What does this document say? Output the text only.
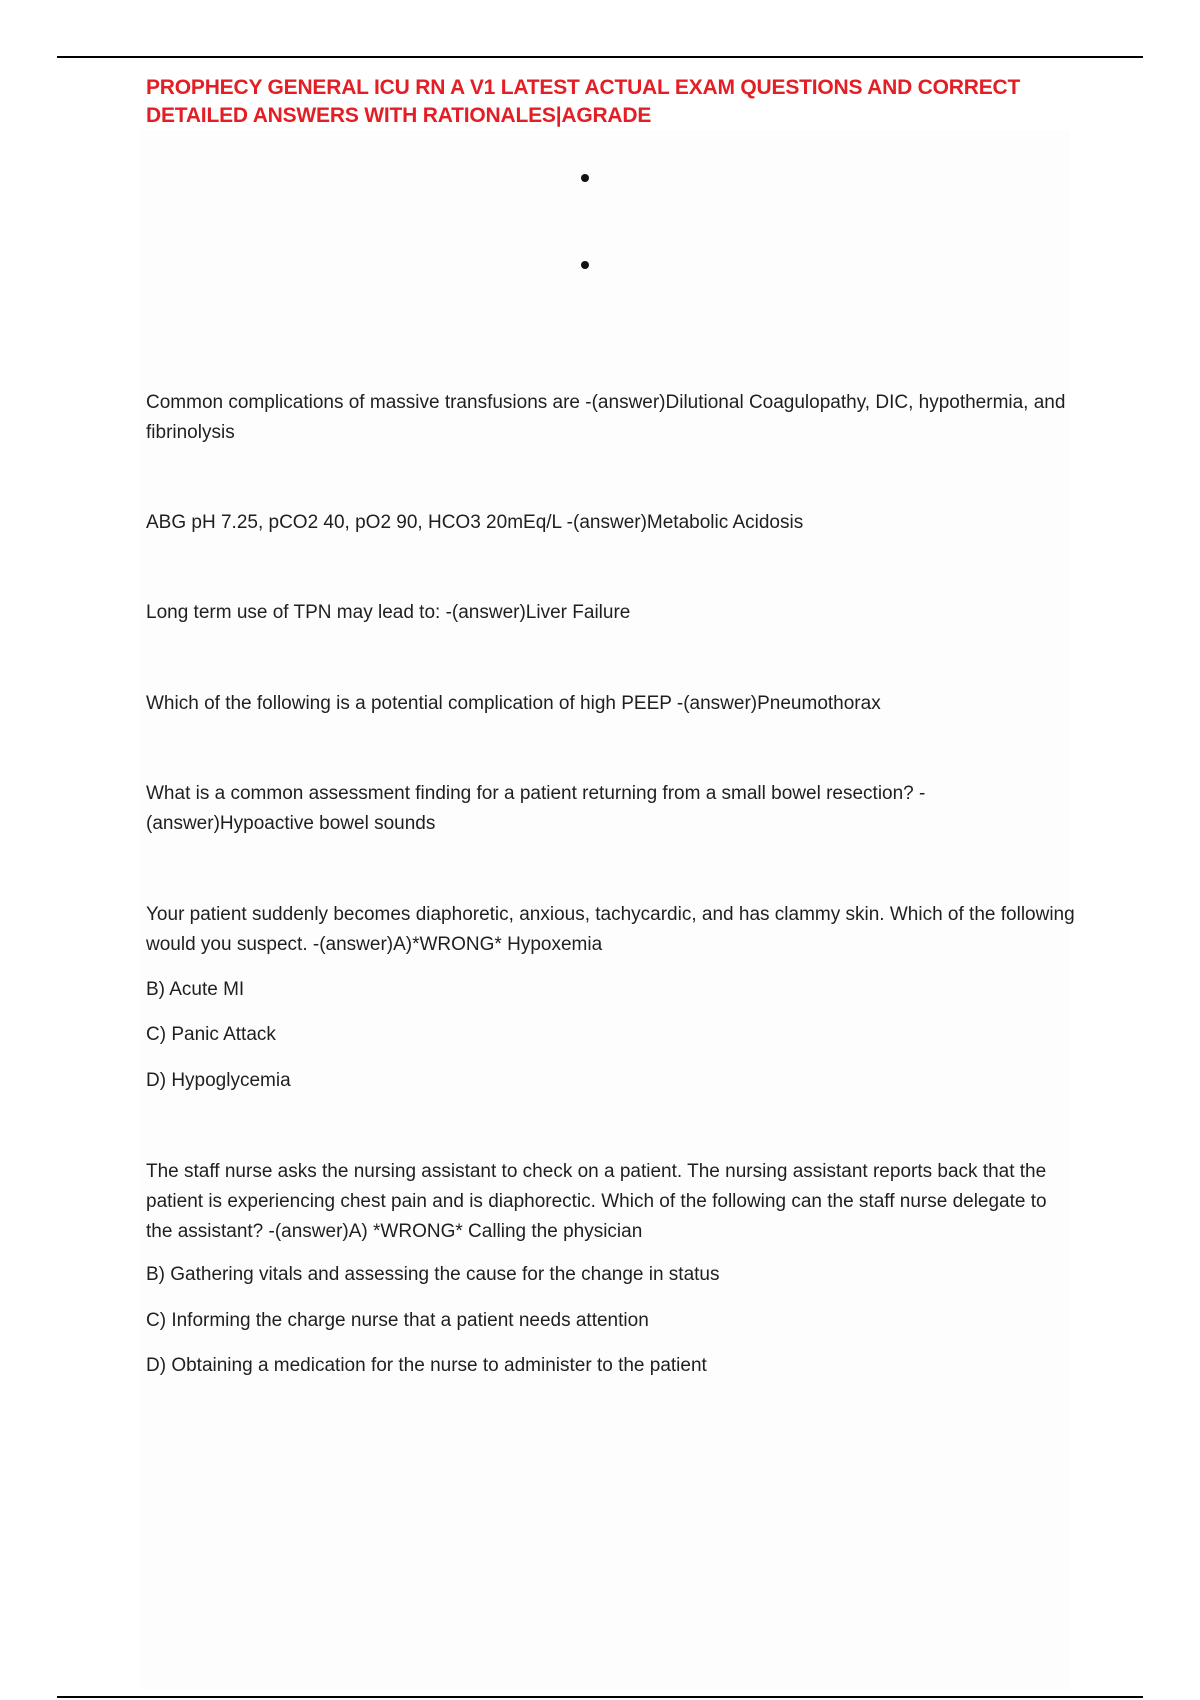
PROPHECY GENERAL ICU RN A V1 LATEST ACTUAL EXAM QUESTIONS AND CORRECT DETAILED ANSWERS WITH RATIONALES|AGRADE

Common complications of massive transfusions are -(answer)Dilutional Coagulopathy, DIC, hypothermia, and fibrinolysis

ABG pH 7.25, pCO2 40, pO2 90, HCO3 20mEq/L -(answer)Metabolic Acidosis

Long term use of TPN may lead to: -(answer)Liver Failure

Which of the following is a potential complication of high PEEP -(answer)Pneumothorax

What is a common assessment finding for a patient returning from a small bowel resection? -(answer)Hypoactive bowel sounds

Your patient suddenly becomes diaphoretic, anxious, tachycardic, and has clammy skin. Which of the following would you suspect. -(answer)A)*WRONG* Hypoxemia

B) Acute MI

C) Panic Attack

D) Hypoglycemia

The staff nurse asks the nursing assistant to check on a patient. The nursing assistant reports back that the patient is experiencing chest pain and is diaphorectic. Which of the following can the staff nurse delegate to the assistant? -(answer)A) *WRONG* Calling the physician

B) Gathering vitals and assessing the cause for the change in status

C) Informing the charge nurse that a patient needs attention

D) Obtaining a medication for the nurse to administer to the patient
